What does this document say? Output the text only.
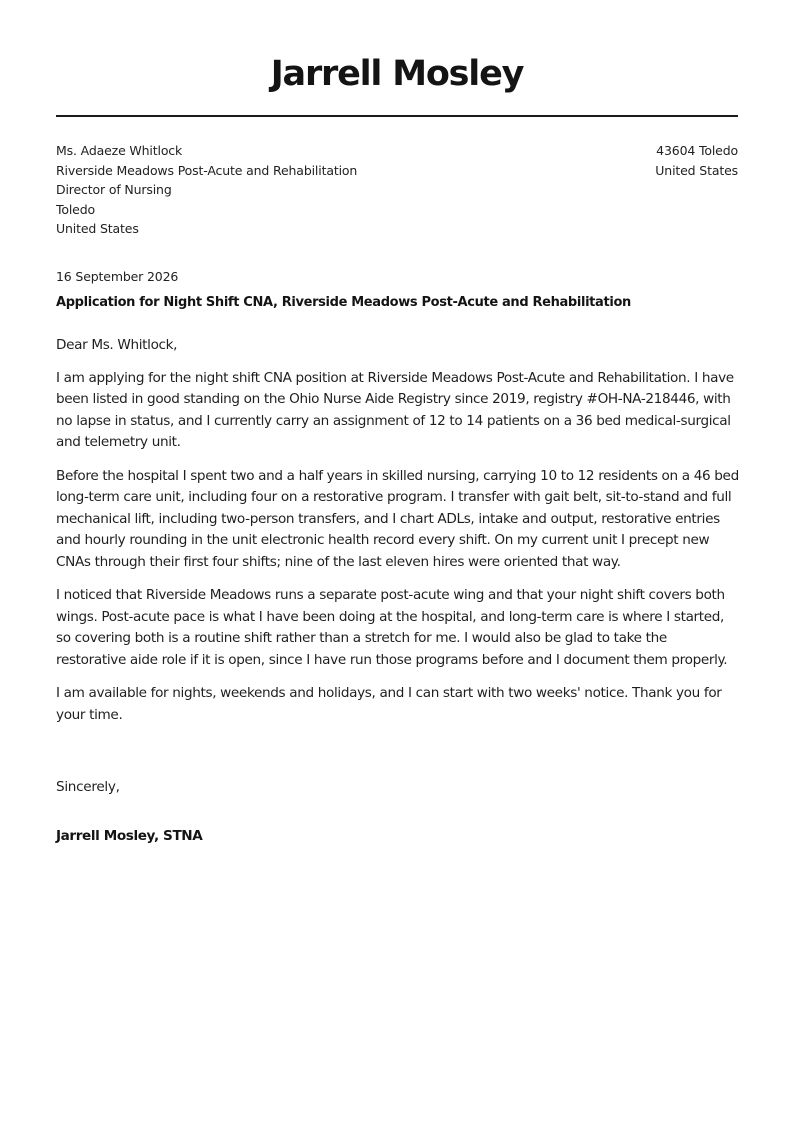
Jarrell Mosley
Ms. Adaeze Whitlock
Riverside Meadows Post-Acute and Rehabilitation
Director of Nursing
Toledo
United States
43604 Toledo
United States
16 September 2026
Application for Night Shift CNA, Riverside Meadows Post-Acute and Rehabilitation

Dear Ms. Whitlock,

I am applying for the night shift CNA position at Riverside Meadows Post-Acute and Rehabilitation. I have been listed in good standing on the Ohio Nurse Aide Registry since 2019, registry #OH-NA-218446, with no lapse in status, and I currently carry an assignment of 12 to 14 patients on a 36 bed medical-surgical and telemetry unit.

Before the hospital I spent two and a half years in skilled nursing, carrying 10 to 12 residents on a 46 bed long-term care unit, including four on a restorative program. I transfer with gait belt, sit-to-stand and full mechanical lift, including two-person transfers, and I chart ADLs, intake and output, restorative entries and hourly rounding in the unit electronic health record every shift. On my current unit I precept new CNAs through their first four shifts; nine of the last eleven hires were oriented that way.

I noticed that Riverside Meadows runs a separate post-acute wing and that your night shift covers both wings. Post-acute pace is what I have been doing at the hospital, and long-term care is where I started, so covering both is a routine shift rather than a stretch for me. I would also be glad to take the restorative aide role if it is open, since I have run those programs before and I document them properly.

I am available for nights, weekends and holidays, and I can start with two weeks' notice. Thank you for your time.

Sincerely,
Jarrell Mosley, STNA
